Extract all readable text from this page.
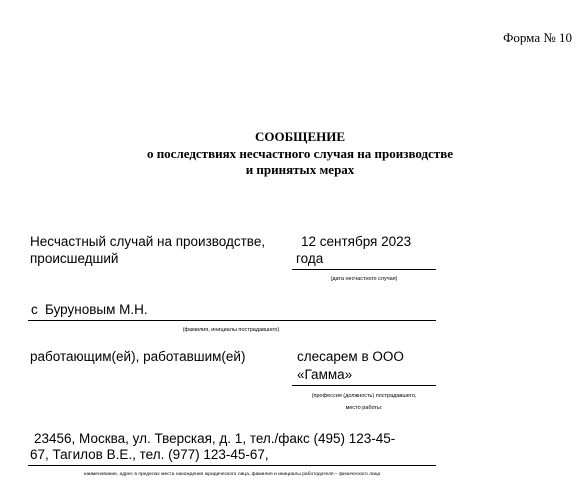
Форма № 10
СООБЩЕНИЕ
о последствиях несчастного случая на производстве
и принятых мерах
Несчастный случай на производстве,
происшедший
12 сентября 2023
года
(дата несчастного случая)
с Буруновым М.Н.
(фамилия, инициалы пострадавшего)
работающим(ей), работавшим(ей)	слесарем в ООО
«Гамма»
(профессия (должность) пострадавшего,
место работы:
23456, Москва, ул. Тверская, д. 1, тел./факс (495) 123-45-
67, Тагилов В.Е., тел. (977) 123-45-67,
наименование, адрес в пределах места нахождения юридического лица, фамилия и инициалы работодателя – физического лица
